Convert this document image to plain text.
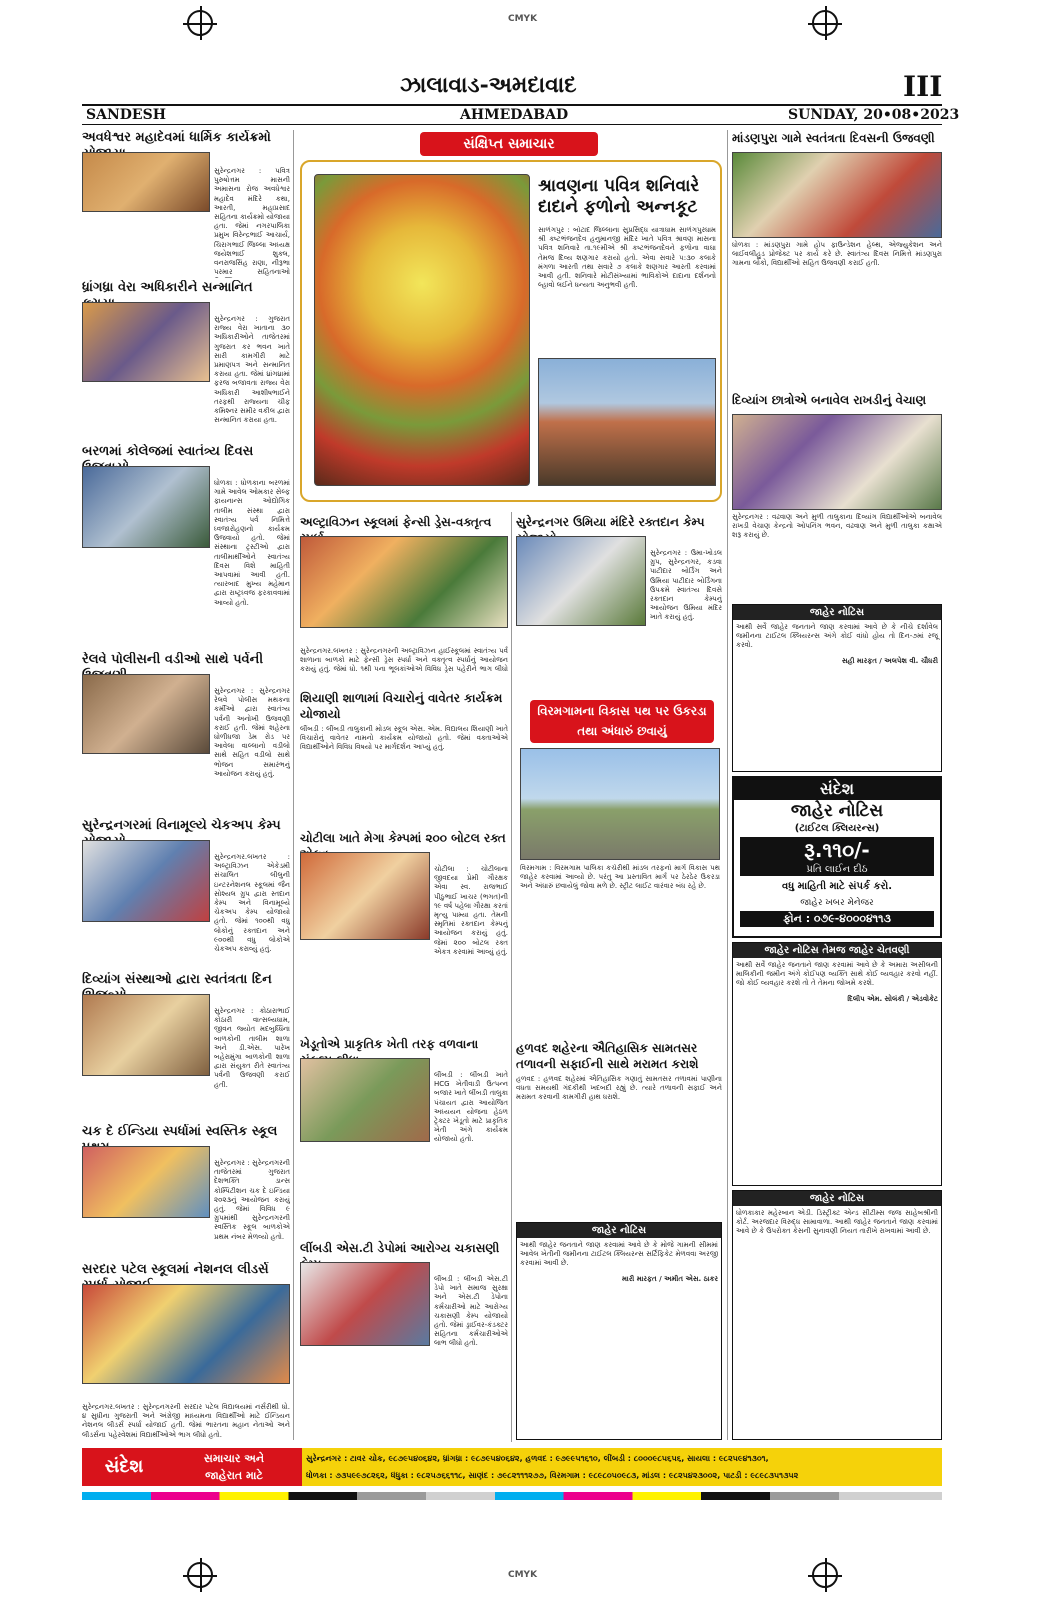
CMYK
CMYK
ઝાલાવાડ-અમદાવાદ	III
SANDESH	AHMEDABAD	SUNDAY, 20•08•2023
અવધેશ્વર મહાદેવમાં ધાર્મિક કાર્યક્રમો
સુરેન્દ્રનગર : પવિત્ર પુરુષોત્તમ માસની અમાસના રોજ અવધેશ્વર મહાદેવ મંદિરે કથા, આરતી, મહાપ્રસાદ સહિતના કાર્યક્રમો યોજાયા હતા. જેમાં નગરપાલિકા પ્રમુખ વિરેન્દ્રભાઈ આચાર્ય, ચિરાગભાઈ જિલ્લા અધ્યક્ષ જયેશભાઈ શુક્લ, વનરાજસિંહ રાણા, નીરૂભા પરમાર સહિતનાઓ
ધ્રાંગધ્રા વેરા અધિકારીને સન્માનિત
સુરેન્દ્રનગર : ગુજરાત રાજ્ય વેરા ખાતાના ૩૦ અધિકારીઓને તાજેતરમાં ગુજરાત કર ભવન ખાતે સારી કામગીરી માટે પ્રમાણપત્ર અને સન્માનિત કરાયા હતા. જેમાં ધ્રાંગધ્રામાં ફરજ બજાવતા રાજ્ય વેરા અધિકારી આશીષભાઈને તરફથી રાજ્યના ચીફ કમિશ્નર સમીર વકીલ દ્વારા સન્માનિત કરાયા હતા.
બરળમાં કોલેજમાં સ્વાતંત્ર્ય દિવસ
ધોળકા : ધોળકાના બરળમાં ગામે આવેલ ઓમકાર સેલ્ફ ફાયનાન્સ ઓદ્યોગિક તાલીમ સંસ્થા દ્વારા સ્વાતંત્ર્ય પર્વ નિમિત્તે ધ્વજારોહણનો કાર્યક્રમ ઉજવાયો હતો. જેમાં સંસ્થાના ટ્રસ્ટીઓ દ્વારા તાલીમાર્થીઓને સ્વાતંત્ર્ય દિવસ વિશે માહિતી આપવામાં આવી હતી. ત્યારબાદ મુખ્ય મહેમાન દ્વારા રાષ્ટ્રધ્વજ ફરકાવવામાં આવ્યો હતો.
રેલવે પોલીસની વડીઓ સાથે પર્વની
સુરેન્દ્રનગર : સુરેન્દ્રનગર રેલવે પોલીસ મથકના કર્મીઓ દ્વારા સ્વાતંત્ર્ય પર્વની અનોખી ઉજવણી કરાઈ હતી. જેમાં શહેરના ધોળીધજા ડેમ રોડ પર આવેલા વાલ્લાનો વડીલો સાથે સહિત વડીલો સાથે ભોજન સમારંભનું આયોજન કરાયું હતું.
સુરેન્દ્રનગરમાં વિનામૂલ્યે ચેકઅપ કેમ્પ
સુરેન્દ્રનગર.લખતર : અલ્ટ્રાવિઝન એકેડમી સંચાલિત લીલુની ઇન્ટરનેશનલ સ્કૂલમાં જૈન સોશ્યલ ગ્રુપ દ્વારા સ્તદાન કેમ્પ અને વિનામૂલ્યે ચેકઅપ કેમ્પ યોજાયો હતો. જેમાં ૧૦૦થી વધુ લોકોનું રક્તદાન અને ૯૦૦થી વધુ લોકોએ ચેકઅપ કરાવ્યું હતું.
દિવ્યાંગ સંસ્થાઓ દ્વારા સ્વતંત્રતા દિન
સુરેન્દ્રનગર : કોઠારાભાઈ કોઠારી વાત્સલ્યધામ, જીવન જ્યોત મદબુધ્ધિના બાળકોની તાલીમ શાળા અને ડી.એસ. પારેખ બહેરામુંગા બાળકોની શાળા દ્વારા સંયુક્ત રીતે સ્વાતંત્ર્ય પર્વની ઉજવણી કરાઈ હતી.
ચક દે ઈન્ડિયા સ્પર્ધામાં સ્વસ્તિક સ્કૂલ
સુરેન્દ્રનગર : સુરેન્દ્રનગરની તાજેતરમાં ગુજરાત દેશભક્તિ ડાન્સ કોમ્પિટીશન ચક દે ઇન્ડિયા ૨૦૨૩નું આયોજન કરાયું હતું. જેમાં વિવિધ ૯ ગ્રુપમાંથી સુરેન્દ્રનગરની સ્વસ્તિક સ્કૂલ બાળકોએ પ્રથમ નંબર મેળવ્યો હતો.
સરદાર પટેલ સ્કૂલમાં નેશનલ લીડર્સ
સુરેન્દ્રનગર.લખતર : સુરેન્દ્રનગરની સરદાર પટેલ વિદ્યાલયમાં નર્સરીથી ધો. ૪ સુધીના ગુજરાતી અને અંગ્રેજી માધ્યમના વિદ્યાર્થીઓ માટે ઈન્ડિયન નેશનલ લીડર્સ સ્પર્ધા યોજાઈ હતી. જેમાં ભારતના મહાન નેતાઓ અને લીડર્સના પહેરવેશમાં વિદ્યાર્થીઓએ ભાગ લીધો હતો.
સંક્ષિપ્ત સમાચાર
શ્રાવણના પવિત્ર શનિવારે દાદાને ફળોનો અન્નકૂટ
સાળંગપુર : બોટાદ જિલ્લાના સુપ્રસિદ્ધ યાત્રાધામ સાળંગપુરધામ શ્રી કષ્ટભંજનદેવ હનુમાનજી મંદિર ખાતે પવિત્ર શ્રાવણ માસના પવિત્ર શનિવારે તા.૧૯મીએ શ્રી કષ્ટભંજનદેવને ફળોના વાઘા તેમજ દિવ્ય શણગાર કરાયો હતો. એવા સવારે ૫:૩૦ કલાકે મંગળા આરતી તથા સવારે ૭ કલાકે શણગાર આરતી કરવામાં આવી હતી. શનિવારે મોટીસંખ્યામાં ભાવિકોએ દાદાના દર્શનનો લ્હાવો લઈને ધન્યતા અનુભવી હતી.
અલ્ટ્રાવિઝન સ્કૂલમાં ફેન્સી ડ્રેસ-વક્તૃત્વ
સુરેન્દ્રનગર.લખતર : સુરેન્દ્રનગરની અલ્ટ્રાવિઝન હાઈસ્કૂલમાં સ્વાતંત્ર્ય પર્વ શાળાના બાળકો માટે ફેન્સી ડ્રેસ સ્પર્ધા અને વક્તૃત્વ સ્પર્ધાનું આયોજન કરાયું હતું. જેમાં ધો. ૧થી ૫ના ભૂલકાંઓએ વિવિધ ડ્રેસ પહેરીને ભાગ લીધો
શિયાણી શાળામાં વિચારોનું વાવેતર કાર્યક્રમ યોજાયો
લીંબડી : લીંબડી તાલુકાની મોડલ સ્કૂલ એસ. એમ. વિદ્યાલય શિયાણી ખાતે વિચારોનું વાવેતર નામનો કાર્યક્રમ યોજાયો હતો. જેમાં વક્તાઓએ વિદ્યાર્થીઓને વિવિધ વિષયો પર માર્ગદર્શન આપ્યું હતું.
ચોટીલા ખાતે મેગા કેમ્પમાં ૨૦૦ બોટલ રક્ત
ચોટીલા : ચોટીલાના જીવદયા પ્રેમી ગૌરક્ષક એવા સ્વ. રાજભાઈ પીઠુભાઈ ખાચર (ભગત)ની ૧૯ વર્ષ પહેલા ગૌરક્ષા કરતાં મૃત્યુ પામ્યા હતા. તેમની સ્મૃતિમાં રક્તદાન કેમ્પનું આયોજન કરાયું હતું. જેમાં ૨૦૦ બોટલ રક્ત એકત્ર કરવામાં આવ્યું હતું.
ખેડૂતોએ પ્રાકૃતિક ખેતી તરફ વળવાના
લીંબડી : લીંબડી ખાતે HCG ખેતીવાડી ઉત્પન્ન બજાર ખાતે લીંબડી તાલુકા પંચાયત દ્વારા આયોજિત અધ્યયન યોજના હેઠળ ટ્રેક્ટર ખેડૂતો માટે પ્રાકૃતિક ખેતી અંગે કાર્યક્રમ યોજાયો હતો.
લીંબડી એસ.ટી ડેપોમાં આરોગ્ય ચકાસણી
લીંબડી : લીંબડી એસ.ટી ડેપો ખાતે સમાજ સુરક્ષા અને એસ.ટી ડેપોના કર્મચારીઓ માટે આરોગ્ય ચકાસણી કેમ્પ યોજાયો હતો. જેમાં ડ્રાઈવર-કંડક્ટર સહિતના કર્મચારીઓએ લાભ લીધો હતો.
સુરેન્દ્રનગર ઉમિયા મંદિરે રક્તદાન કેમ્પ
સુરેન્દ્રનગર : ઉમા-ખોડલ ગ્રુપ, સુરેન્દ્રનગર, કડવા પાટીદાર બોર્ડિંગ અને ઉમિયા પાટીદાર બોર્ડિંગના ઉપક્રમે સ્વાતંત્ર્ય દિવસે રક્તદાન કેમ્પનું આયોજન ઉમિયા મંદિર ખાતે કરાયું હતું.
વિરમગામના વિકાસ પથ પર ઉકરડા તથા અંધારું છવાયું
વિરમગામ : વિરમગામ પાલિકા કચેરીથી માંડલ તરફનો માર્ગ વિકાસ પથ જાહેર કરવામાં આવ્યો છે. પરંતુ આ પ્રસ્તાવિત માર્ગ પર ઠેરઠેર ઉકરડા અને અંધારું છવાયેલું જોવા મળે છે. સ્ટ્રીટ લાઈટ વારંવાર બંધ રહે છે.
હળવદ શહેરના ઐતિહાસિક સામતસર તળાવની સફાઈની સાથે મરામત કરાશે
હળવદ : હળવદ શહેરમાં ઐતિહાસિક ગણાતું સામતસર તળાવમાં પાણીના વધતા સમયથી ગંદકીથી ખદબદી રહ્યું છે. ત્યારે તળાવની સફાઈ અને મરામત કરવાની કામગીરી હાથ ધરાશે.
જાહેર નોટિસ
આથી જાહેર જનતાને જાણ કરવામાં આવે છે કે મોજે ગામની સીમમાં આવેલ ખેતીની જમીનના ટાઈટલ ક્લિયરન્સ સર્ટિફિકેટ મેળવવા અરજી કરવામાં આવી છે.
મારી મારફત / અમીત એસ. ઠાકર
માંડણપુરા ગામે સ્વતંત્રતા દિવસની ઉજવણી
ધોળકા : માંડણપુરા ગામે હોપ ફાઉન્ડેશન હેલ્થ, એજ્યુકેશન અને લાઈવલીહુડ પ્રોજેક્ટ પર કાર્ય કરે છે. સ્વાતંત્ર્ય દિવસ નિમિત્તે માંડણપુરા ગામના લોકો, વિદ્યાર્થીઓ સહિત ઉજવણી કરાઈ હતી.
દિવ્યાંગ છાત્રોએ બનાવેલ રાખડીનું વેચાણ
સુરેન્દ્રનગર : વઢવાણ અને મુળી તાલુકાના દિવ્યાંગ વિદ્યાર્થીઓએ બનાવેલ રાખડી વેચાણ કેન્દ્રનો ઓપનિંગ ભવન, વઢવાણ અને મુળી તાલુકા કક્ષાએ શરૂ કરાયું છે.
જાહેર નોટિસ
આથી સર્વે જાહેર જનતાને જાણ કરવામાં આવે છે કે નીચે દર્શાવેલ જમીનના ટાઈટલ ક્લિયરન્સ અંગે કોઈ વાંધો હોય તો દિન-૭માં રજૂ કરવો.
સહી મારફત / અલપેશ વી. ચૌધરી
સંદેશ
જાહેર નોટિસ
(ટાઈટલ ક્લિયરન્સ)
રૂ.૧૧૦/-
પ્રતિ લાઈન દીઠ
વધુ માહિતી માટે સંપર્ક કરો.
જાહેર ખબર મેનેજર
ફોન : ૦૭૯-૪૦૦૦૪૧૧૩
જાહેર નોટિસ તેમજ જાહેર ચેતવણી
આથી સર્વે જાહેર જનતાને જાણ કરવામાં આવે છે કે અમારા અસીલની માલિકીની જમીન અંગે કોઈપણ વ્યક્તિ સાથે કોઈ વ્યવહાર કરવો નહીં. જો કોઈ વ્યવહાર કરશે તો તે તેમના જોખમે કરશે.
દિલીપ એમ. સોલંકી / એડવોકેટ
જાહેર નોટિસ
ધોળકાકાર મહેરબાન એડી. ડિસ્ટ્રીક્ટ એન્ડ સીટીમ્સ જજ સાહેબશ્રીની કોર્ટ. અરજદાર વિરુદ્ધ સામાવાળા. આથી જાહેર જનતાને જાણ કરવામાં આવે છે કે ઉપરોક્ત કેસની સુનાવણી નિયત તારીખે રાખવામાં આવી છે.
સંદેશ	સમાચાર અને
જાહેરાત માટે
સુરેન્દ્રનગર : ટાવર ચોક, ૯૮૭૯૫૪૦૬૪૨, ધ્રાંગધ્રા : ૯૮૭૯૫૪૦૬૪૨, હળવદ : ૯૭૯૯૫૧૬૧૦, લીંબડી : ૮૦૦૦૯૮૫૬૫૬, સાયલા : ૯૮૨૫૯૪૧૩૦૧,
ધોળકા : ૭૩૫૯૯૭૮૨૬૨, ધંધુકા : ૯૮૨૫૭૬૬૧૧૮, સાણંદ : ૭૯૮૨૧૧૧૨૭૭, વિરમગામ : ૯૮૯૮૦૫૦૯૮૩, માંડલ : ૯૮૨૫૪૨૩૦૦૨, પાટડી : ૯૮૯૮૩૫૧૩૫૨
